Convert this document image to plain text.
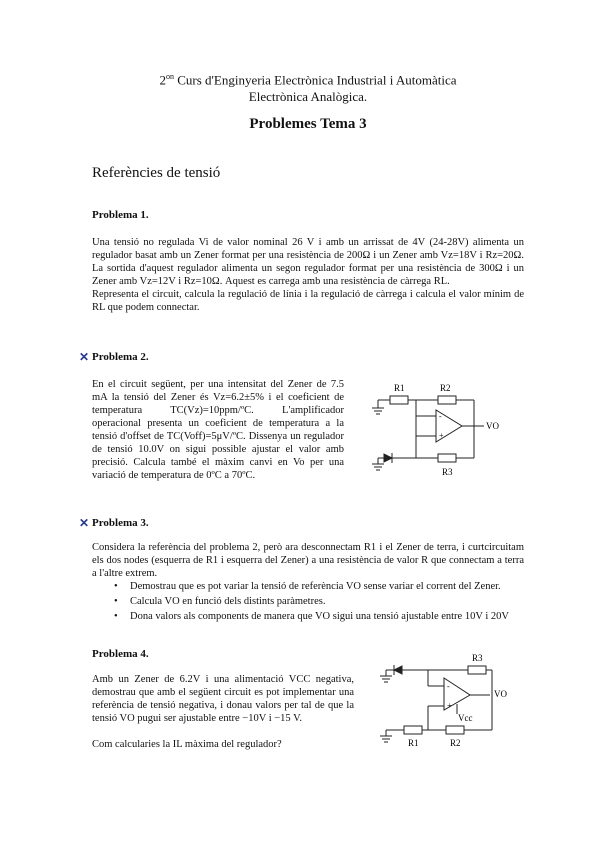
$2^{on}$ Curs d'Enginyeria Electrònica Industrial i Automàtica
Electrònica Analògica.
Problemes Tema 3
Referències de tensió
Problema 1.
Una tensió no regulada Vi de valor nominal 26 V i amb un arrissat de 4V (24-28V) alimenta un regulador basat amb un Zener format per una resistència de 200Ω i un Zener amb Vz=18V i Rz=20Ω. La sortida d'aquest regulador alimenta un segon regulador format per una resistència de 300Ω i un Zener amb Vz=12V i Rz=10Ω. Aquest es carrega amb una resistència de càrrega RL.
Representa el circuit, calcula la regulació de línia i la regulació de càrrega i calcula el valor mínim de RL que podem connectar.
✕ Problema 2.
En el circuit següent, per una intensitat del Zener de 7.5 mA la tensió del Zener és Vz=6.2±5% i el coeficient de temperatura TC(Vz)=10ppm/ºC. L'amplificador operacional presenta un coeficient de temperatura a la tensió d'offset de TC(Voff)=5μV/ºC. Dissenya un regulador de tensió 10.0V on sigui possible ajustar el valor amb precisió. Calcula també el màxim canvi en Vo per una variació de temperatura de 0ºC a 70ºC.
-
+
R1	R2
VO
R3
✕ Problema 3.
Considera la referència del problema 2, però ara desconnectam R1 i el Zener de terra, i curtcircuitam els dos nodes (esquerra de R1 i esquerra del Zener) a una resistència de valor R que connectam a terra a l'altre extrem.
• Demostrau que es pot variar la tensió de referència VO sense variar el corrent del Zener.
• Calcula VO en funció dels distints paràmetres.
• Dona valors als components de manera que VO sigui una tensió ajustable entre 10V i 20V
Problema 4.
Amb un Zener de 6.2V i una alimentació VCC negativa, demostrau que amb el següent circuit es pot implementar una referència de tensió negativa, i donau valors per tal de que la tensió VO pugui ser ajustable entre −10V i −15 V.
Com calcularies la IL màxima del regulador?
-
+
R3
VO
Vcc
R1	R2
